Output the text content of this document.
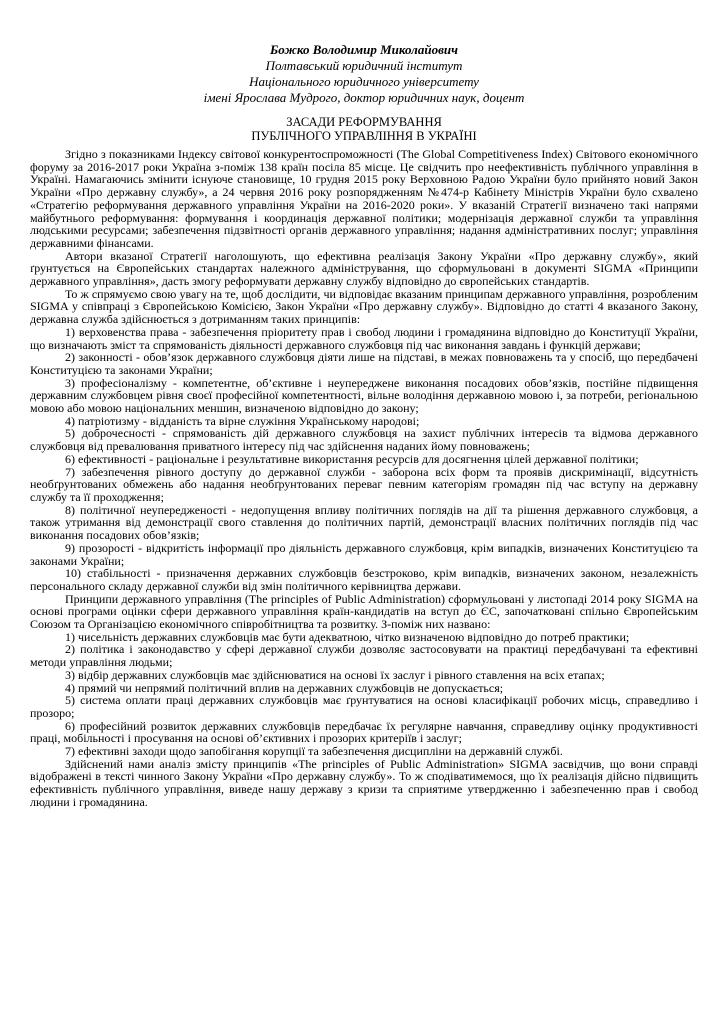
Божко Володимир Миколайович
Полтавський юридичний інститут
Національного юридичного університету
імені Ярослава Мудрого, доктор юридичних наук, доцент
ЗАСАДИ РЕФОРМУВАННЯ
ПУБЛІЧНОГО УПРАВЛІННЯ В УКРАЇНІ

Згідно з показниками Індексу світової конкурентоспроможності (The Global Competitiveness Index) Світового економічного форуму за 2016-2017 роки Україна з-поміж 138 країн посіла 85 місце. Це свідчить про неефективність публічного управління в Україні. Намагаючись змінити існуюче становище, 10 грудня 2015 року Верховною Радою України було прийнято новий Закон України «Про державну службу», а 24 червня 2016 року розпорядженням №474-р Кабінету Міністрів України було схвалено «Стратегію реформування державного управління України на 2016-2020 роки». У вказаній Стратегії визначено такі напрями майбутнього реформування: формування і координація державної політики; модернізація державної служби та управління людськими ресурсами; забезпечення підзвітності органів державного управління; надання адміністративних послуг; управління державними фінансами.

Автори вказаної Стратегії наголошують, що ефективна реалізація Закону України «Про державну службу», який ґрунтується на Європейських стандартах належного адміністрування, що сформульовані в документі SIGMA «Принципи державного управління», дасть змогу реформувати державну службу відповідно до європейських стандартів.

То ж спрямуємо свою увагу на те, щоб дослідити, чи відповідає вказаним принципам державного управління, розробленим SIGMA у співпраці з Європейською Комісією, Закон України «Про державну службу». Відповідно до статті 4 вказаного Закону, державна служба здійснюється з дотриманням таких принципів:

1) верховенства права - забезпечення пріоритету прав і свобод людини і громадянина відповідно до Конституції України, що визначають зміст та спрямованість діяльності державного службовця під час виконання завдань і функцій держави;

2) законності - обов’язок державного службовця діяти лише на підставі, в межах повноважень та у спосіб, що передбачені Конституцією та законами України;

3) професіоналізму - компетентне, об’єктивне і неупереджене виконання посадових обов’язків, постійне підвищення державним службовцем рівня своєї професійної компетентності, вільне володіння державною мовою і, за потреби, регіональною мовою або мовою національних меншин, визначеною відповідно до закону;

4) патріотизму - відданість та вірне служіння Українському народові;

5) доброчесності - спрямованість дій державного службовця на захист публічних інтересів та відмова державного службовця від превалювання приватного інтересу під час здійснення наданих йому повноважень;

6) ефективності - раціональне і результативне використання ресурсів для досягнення цілей державної політики;

7) забезпечення рівного доступу до державної служби - заборона всіх форм та проявів дискримінації, відсутність необґрунтованих обмежень або надання необґрунтованих переваг певним категоріям громадян під час вступу на державну службу та її проходження;

8) політичної неупередженості - недопущення впливу політичних поглядів на дії та рішення державного службовця, а також утримання від демонстрації свого ставлення до політичних партій, демонстрації власних політичних поглядів під час виконання посадових обов’язків;

9) прозорості - відкритість інформації про діяльність державного службовця, крім випадків, визначених Конституцією та законами України;

10) стабільності - призначення державних службовців безстроково, крім випадків, визначених законом, незалежність персонального складу державної служби від змін політичного керівництва держави.

Принципи державного управління (The principles of Public Administration) сформульовані у листопаді 2014 року SIGMA на основі програми оцінки сфери державного управління країн-кандидатів на вступ до ЄС, започатковані спільно Європейським Союзом та Організацією економічного співробітництва та розвитку. З-поміж них названо:

1) чисельність державних службовців має бути адекватною, чітко визначеною відповідно до потреб практики;

2) політика і законодавство у сфері державної служби дозволяє застосовувати на практиці передбачувані та ефективні методи управління людьми;

3) відбір державних службовців має здійснюватися на основі їх заслуг і рівного ставлення на всіх етапах;

4) прямий чи непрямий політичний вплив на державних службовців не допускається;

5) система оплати праці державних службовців має ґрунтуватися на основі класифікації робочих місць, справедливо і прозоро;

6) професійний розвиток державних службовців передбачає їх регулярне навчання, справедливу оцінку продуктивності праці, мобільності і просування на основі об’єктивних і прозорих критеріїв і заслуг;

7) ефективні заходи щодо запобігання корупції та забезпечення дисципліни на державній службі.

Здійснений нами аналіз змісту принципів «The principles of Public Administration» SIGMA засвідчив, що вони справді відображені в тексті чинного Закону України «Про державну службу». То ж сподіватимемося, що їх реалізація дійсно підвищить ефективність публічного управління, виведе нашу державу з кризи та сприятиме утвердженню і забезпеченню прав і свобод людини і громадянина.
